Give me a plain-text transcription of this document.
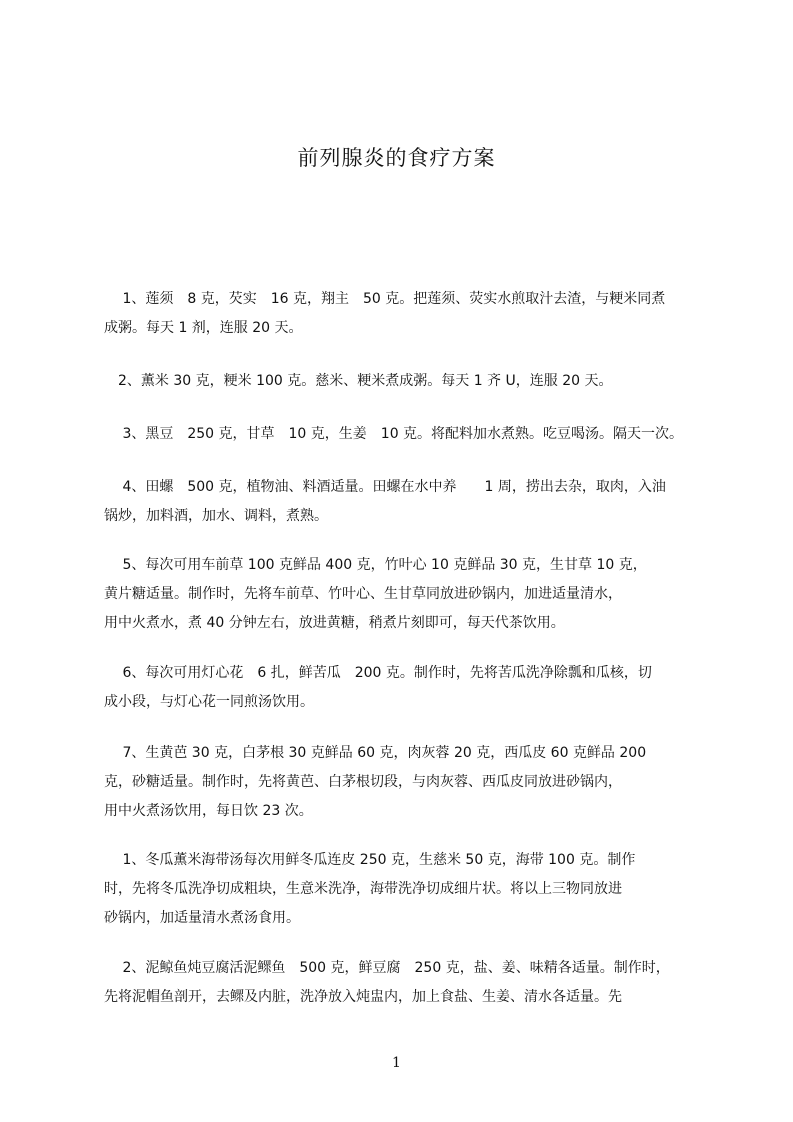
前列腺炎的食疗方案
　 1、莲须　8 克，芡实　16 克，翔主　50 克。把莲须、荧实水煎取汁去渣，与粳米同煮
成粥。每天 1 剂，连服 20 天。
　2、薫米 30 克，粳米 100 克。慈米、粳米煮成粥。每天 1 齐 U，连服 20 天。
　 3、黑豆　250 克，甘草　10 克，生姜　10 克。将配料加水煮熟。吃豆喝汤。隔天一次。
　 4、田螺　500 克，植物油、料酒适量。田螺在水中养　　1 周，捞出去杂，取肉，入油
锅炒，加料酒，加水、调料，煮熟。
　 5、每次可用车前草 100 克鲜品 400 克，竹叶心 10 克鲜品 30 克，生甘草 10 克，
黄片糖适量。制作时，先将车前草、竹叶心、生甘草同放进砂锅内，加进适量清水，
用中火煮水，煮 40 分钟左右，放进黄糖，稍煮片刻即可，每天代茶饮用。
　 6、每次可用灯心花　6 扎，鲜苦瓜　200 克。制作时，先将苦瓜洗净除瓢和瓜核，切
成小段，与灯心花一同煎汤饮用。
　 7、生黄芭 30 克，白茅根 30 克鲜品 60 克，肉灰蓉 20 克，西瓜皮 60 克鲜品 200
克，砂糖适量。制作时，先将黄芭、白茅根切段，与肉灰蓉、西瓜皮同放进砂锅内，
用中火煮汤饮用，每日饮 23 次。
　 1、冬瓜薫米海带汤每次用鲜冬瓜连皮 250 克，生慈米 50 克，海带 100 克。制作
时，先将冬瓜洗净切成粗块，生意米洗净，海带洗净切成细片状。将以上三物同放进
砂锅内，加适量清水煮汤食用。
　 2、泥鲸鱼炖豆腐活泥鳏鱼　500 克，鲜豆腐　250 克，盐、姜、味精各适量。制作时，
先将泥帽鱼剖开，去鳏及内脏，洗净放入炖盅内，加上食盐、生姜、清水各适量。先
1
